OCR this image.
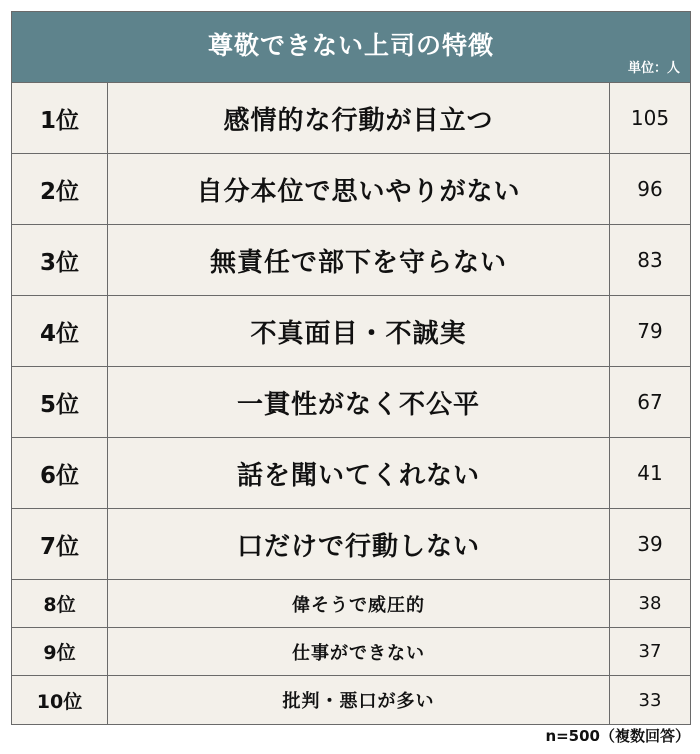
尊敬できない上司の特徴
単位：人
1位	感情的な行動が目立つ	105
2位	自分本位で思いやりがない	96
3位	無責任で部下を守らない	83
4位	不真面目・不誠実	79
5位	一貫性がなく不公平	67
6位	話を聞いてくれない	41
7位	口だけで行動しない	39
8位	偉そうで威圧的	38
9位	仕事ができない	37
10位	批判・悪口が多い	33
n=500（複数回答）
